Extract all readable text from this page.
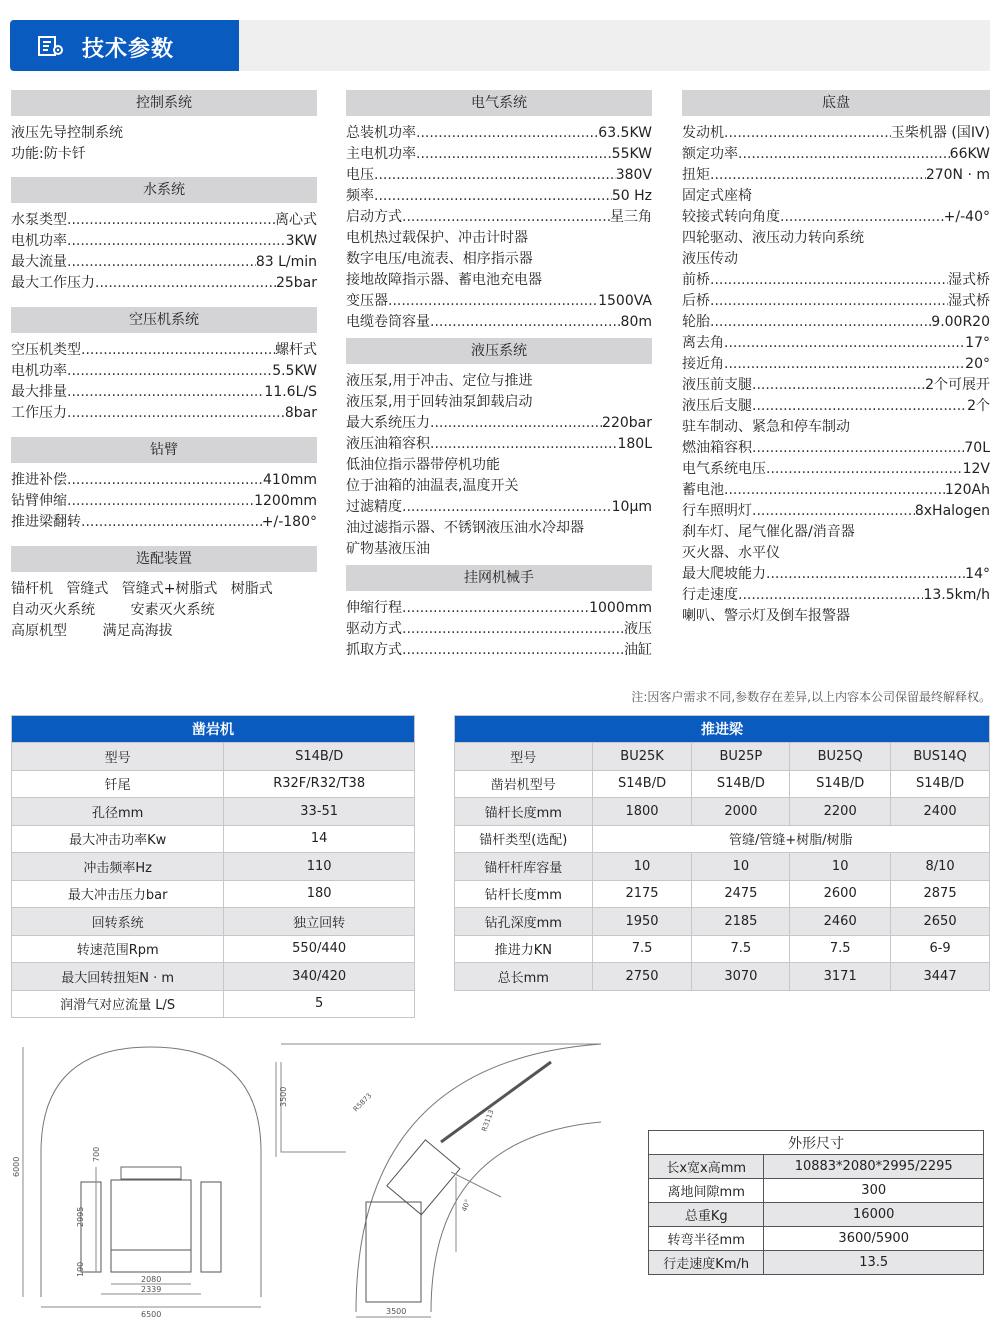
技术参数
控制系统
液压先导控制系统
功能:防卡钎
水系统
水泵类型 .....	离心式
电机功率 .....	3KW
最大流量 .....	83 L/min
最大工作压力 .....	25bar
空压机系统
空压机类型 .....	螺杆式
电机功率 .....	5.5KW
最大排量 .....	11.6L/S
工作压力 .....	8bar
钻臂
推进补偿 .....	410mm
钻臂伸缩 .....	1200mm
推进梁翻转 .....	+/-180°
选配装置
锚杆机   管缝式   管缝式+树脂式   树脂式
自动灭火系统        安素灭火系统
高原机型        满足高海拔
电气系统
总装机功率 .....	63.5KW
主电机功率 .....	55KW
电压 .....	380V
频率 .....	50 Hz
启动方式 .....	星三角
电机热过载保护、冲击计时器
数字电压/电流表、相序指示器
接地故障指示器、蓄电池充电器
变压器 .....	1500VA
电缆卷筒容量 .....	80m
液压系统
液压泵,用于冲击、定位与推进
液压泵,用于回转油泵卸载启动
最大系统压力 .....	220bar
液压油箱容积 .....	180L
低油位指示器带停机功能
位于油箱的油温表,温度开关
过滤精度 .....	10μm
油过滤指示器、不锈钢液压油水冷却器
矿物基液压油
挂网机械手
伸缩行程 .....	1000mm
驱动方式 .....	液压
抓取方式 .....	油缸
底盘
发动机 .....	玉柴机器 (国IV)
额定功率 .....	66KW
扭矩 .....	270N · m
固定式座椅
较接式转向角度 .....	+/-40°
四轮驱动、液压动力转向系统
液压传动
前桥 .....	湿式桥
后桥 .....	湿式桥
轮胎 .....	9.00R20
离去角 .....	17°
接近角 .....	20°
液压前支腿 .....	2个可展开
液压后支腿 .....	2个
驻车制动、紧急和停车制动
燃油箱容积 .....	70L
电气系统电压 .....	12V
蓄电池 .....	120Ah
行车照明灯 .....	8xHalogen
刹车灯、尾气催化器/消音器
灭火器、水平仪
最大爬坡能力 .....	14°
行走速度 .....	13.5km/h
喇叭、警示灯及倒车报警器
注:因客户需求不同,参数存在差异,以上内容本公司保留最终解释权。
凿岩机	
型号	S14B/D
钎尾	R32F/R32/T38
孔径mm	33-51
最大冲击功率Kw	14
冲击频率Hz	110
最大冲击压力bar	180
回转系统	独立回转
转速范围Rpm	550/440
最大回转扭矩N · m	340/420
润滑气对应流量 L/S	5
推进梁				
型号	BU25K	BU25P	BU25Q	BUS14Q
凿岩机型号	S14B/D	S14B/D	S14B/D	S14B/D
锚杆长度mm	1800	2000	2200	2400
锚杆类型(选配)	管缝/管缝+树脂/树脂			
锚杆杆库容量	10	10	10	8/10
钻杆长度mm	2175	2475	2600	2875
钻孔深度mm	1950	2185	2460	2650
推进力KN	7.5	7.5	7.5	6-9
总长mm	2750	3070	3171	3447
6000
2995
700
190
2080
2339
6500
3500	R5873
R3113
40°
3500
外形尺寸	
长x宽x高mm	10883*2080*2995/2295
离地间隙mm	300
总重Kg	16000
转弯半径mm	3600/5900
行走速度Km/h	13.5
